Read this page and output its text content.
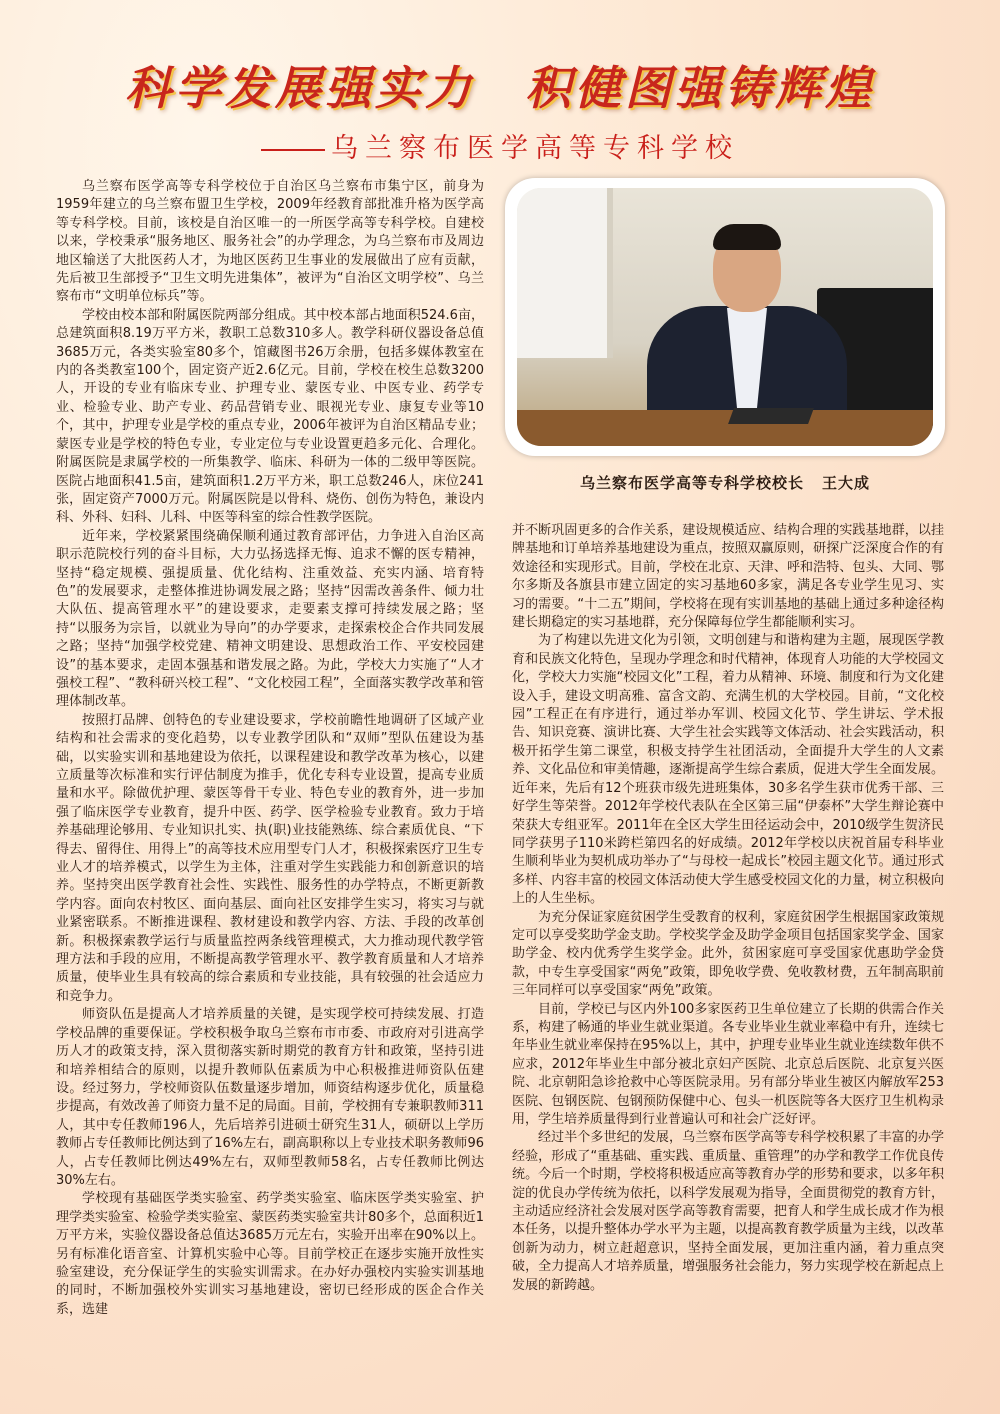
科学发展强实力　积健图强铸辉煌
乌兰察布医学高等专科学校

乌兰察布医学高等专科学校位于自治区乌兰察布市集宁区，前身为1959年建立的乌兰察布盟卫生学校，2009年经教育部批准升格为医学高等专科学校。目前，该校是自治区唯一的一所医学高等专科学校。自建校以来，学校秉承“服务地区、服务社会”的办学理念，为乌兰察布市及周边地区输送了大批医药人才，为地区医药卫生事业的发展做出了应有贡献，先后被卫生部授予“卫生文明先进集体”，被评为“自治区文明学校”、乌兰察布市“文明单位标兵”等。

学校由校本部和附属医院两部分组成。其中校本部占地面积524.6亩，总建筑面积8.19万平方米，教职工总数310多人。教学科研仪器设备总值3685万元，各类实验室80多个，馆藏图书26万余册，包括多媒体教室在内的各类教室100个，固定资产近2.6亿元。目前，学校在校生总数3200人，开设的专业有临床专业、护理专业、蒙医专业、中医专业、药学专业、检验专业、助产专业、药品营销专业、眼视光专业、康复专业等10个，其中，护理专业是学校的重点专业，2006年被评为自治区精品专业；蒙医专业是学校的特色专业，专业定位与专业设置更趋多元化、合理化。附属医院是隶属学校的一所集教学、临床、科研为一体的二级甲等医院。医院占地面积41.5亩，建筑面积1.2万平方米，职工总数246人，床位241张，固定资产7000万元。附属医院是以骨科、烧伤、创伤为特色，兼设内科、外科、妇科、儿科、中医等科室的综合性教学医院。

近年来，学校紧紧围绕确保顺利通过教育部评估，力争进入自治区高职示范院校行列的奋斗目标，大力弘扬选择无悔、追求不懈的医专精神，坚持“稳定规模、强提质量、优化结构、注重效益、充实内涵、培育特色”的发展要求，走整体推进协调发展之路；坚持“因需改善条件、倾力壮大队伍、提高管理水平”的建设要求，走要素支撑可持续发展之路；坚持“以服务为宗旨，以就业为导向”的办学要求，走探索校企合作共同发展之路；坚持“加强学校党建、精神文明建设、思想政治工作、平安校园建设”的基本要求，走固本强基和谐发展之路。为此，学校大力实施了“人才强校工程”、“教科研兴校工程”、“文化校园工程”，全面落实教学改革和管理体制改革。

按照打品牌、创特色的专业建设要求，学校前瞻性地调研了区域产业结构和社会需求的变化趋势，以专业教学团队和“双师”型队伍建设为基础，以实验实训和基地建设为依托，以课程建设和教学改革为核心，以建立质量等次标准和实行评估制度为推手，优化专科专业设置，提高专业质量和水平。除做优护理、蒙医等骨干专业、特色专业的教育外，进一步加强了临床医学专业教育，提升中医、药学、医学检验专业教育。致力于培养基础理论够用、专业知识扎实、执(职)业技能熟练、综合素质优良、“下得去、留得住、用得上”的高等技术应用型专门人才，积极探索医疗卫生专业人才的培养模式，以学生为主体，注重对学生实践能力和创新意识的培养。坚持突出医学教育社会性、实践性、服务性的办学特点，不断更新教学内容。面向农村牧区、面向基层、面向社区安排学生实习，将实习与就业紧密联系。不断推进课程、教材建设和教学内容、方法、手段的改革创新。积极探索教学运行与质量监控两条线管理模式，大力推动现代教学管理方法和手段的应用，不断提高教学管理水平、教学教育质量和人才培养质量，使毕业生具有较高的综合素质和专业技能，具有较强的社会适应力和竞争力。

师资队伍是提高人才培养质量的关键，是实现学校可持续发展、打造学校品牌的重要保证。学校积极争取乌兰察布市市委、市政府对引进高学历人才的政策支持，深入贯彻落实新时期党的教育方针和政策，坚持引进和培养相结合的原则，以提升教师队伍素质为中心积极推进师资队伍建设。经过努力，学校师资队伍数量逐步增加，师资结构逐步优化，质量稳步提高，有效改善了师资力量不足的局面。目前，学校拥有专兼职教师311人，其中专任教师196人，先后培养引进硕士研究生31人，硕研以上学历教师占专任教师比例达到了16%左右，副高职称以上专业技术职务教师96人，占专任教师比例达49%左右，双师型教师58名，占专任教师比例达30%左右。

学校现有基础医学类实验室、药学类实验室、临床医学类实验室、护理学类实验室、检验学类实验室、蒙医药类实验室共计80多个，总面积近1万平方米，实验仪器设备总值达3685万元左右，实验开出率在90%以上。另有标准化语音室、计算机实验中心等。目前学校正在逐步实施开放性实验室建设，充分保证学生的实验实训需求。在办好办强校内实验实训基地的同时，不断加强校外实训实习基地建设，密切已经形成的医企合作关系，选建

乌兰察布医学高等专科学校校长 王大成

并不断巩固更多的合作关系，建设规模适应、结构合理的实践基地群，以挂牌基地和订单培养基地建设为重点，按照双赢原则，研探广泛深度合作的有效途径和实现形式。目前，学校在北京、天津、呼和浩特、包头、大同、鄂尔多斯及各旗县市建立固定的实习基地60多家，满足各专业学生见习、实习的需要。“十二五”期间，学校将在现有实训基地的基础上通过多种途径构建长期稳定的实习基地群，充分保障每位学生都能顺利实习。

为了构建以先进文化为引领，文明创建与和谐构建为主题，展现医学教育和民族文化特色，呈现办学理念和时代精神，体现育人功能的大学校园文化，学校大力实施“校园文化”工程，着力从精神、环境、制度和行为文化建设入手，建设文明高雅、富含文韵、充满生机的大学校园。目前，“文化校园”工程正在有序进行，通过举办军训、校园文化节、学生讲坛、学术报告、知识竞赛、演讲比赛、大学生社会实践等文体活动、社会实践活动，积极开拓学生第二课堂，积极支持学生社团活动，全面提升大学生的人文素养、文化品位和审美情趣，逐渐提高学生综合素质，促进大学生全面发展。近年来，先后有12个班获市级先进班集体，30多名学生获市优秀干部、三好学生等荣誉。2012年学校代表队在全区第三届“伊泰杯”大学生辩论赛中荣获大专组亚军。2011年在全区大学生田径运动会中，2010级学生贺济民同学获男子110米跨栏第四名的好成绩。2012年学校以庆祝首届专科毕业生顺利毕业为契机成功举办了“与母校一起成长”校园主题文化节。通过形式多样、内容丰富的校园文体活动使大学生感受校园文化的力量，树立积极向上的人生坐标。

为充分保证家庭贫困学生受教育的权利，家庭贫困学生根据国家政策规定可以享受奖助学金支助。学校奖学金及助学金项目包括国家奖学金、国家助学金、校内优秀学生奖学金。此外，贫困家庭可享受国家优惠助学金贷款，中专生享受国家“两免”政策，即免收学费、免收教材费，五年制高职前三年同样可以享受国家“两免”政策。

目前，学校已与区内外100多家医药卫生单位建立了长期的供需合作关系，构建了畅通的毕业生就业渠道。各专业毕业生就业率稳中有升，连续七年毕业生就业率保持在95%以上，其中，护理专业毕业生就业连续数年供不应求，2012年毕业生中部分被北京妇产医院、北京总后医院、北京复兴医院、北京朝阳急诊抢救中心等医院录用。另有部分毕业生被区内解放军253医院、包钢医院、包钢预防保健中心、包头一机医院等各大医疗卫生机构录用，学生培养质量得到行业普遍认可和社会广泛好评。

经过半个多世纪的发展，乌兰察布医学高等专科学校积累了丰富的办学经验，形成了“重基础、重实践、重质量、重管理”的办学和教学工作优良传统。今后一个时期，学校将积极适应高等教育办学的形势和要求，以多年积淀的优良办学传统为依托，以科学发展观为指导，全面贯彻党的教育方针，主动适应经济社会发展对医学高等教育需要，把育人和学生成长成才作为根本任务，以提升整体办学水平为主题，以提高教育教学质量为主线，以改革创新为动力，树立赶超意识，坚持全面发展，更加注重内涵，着力重点突破，全力提高人才培养质量，增强服务社会能力，努力实现学校在新起点上发展的新跨越。
